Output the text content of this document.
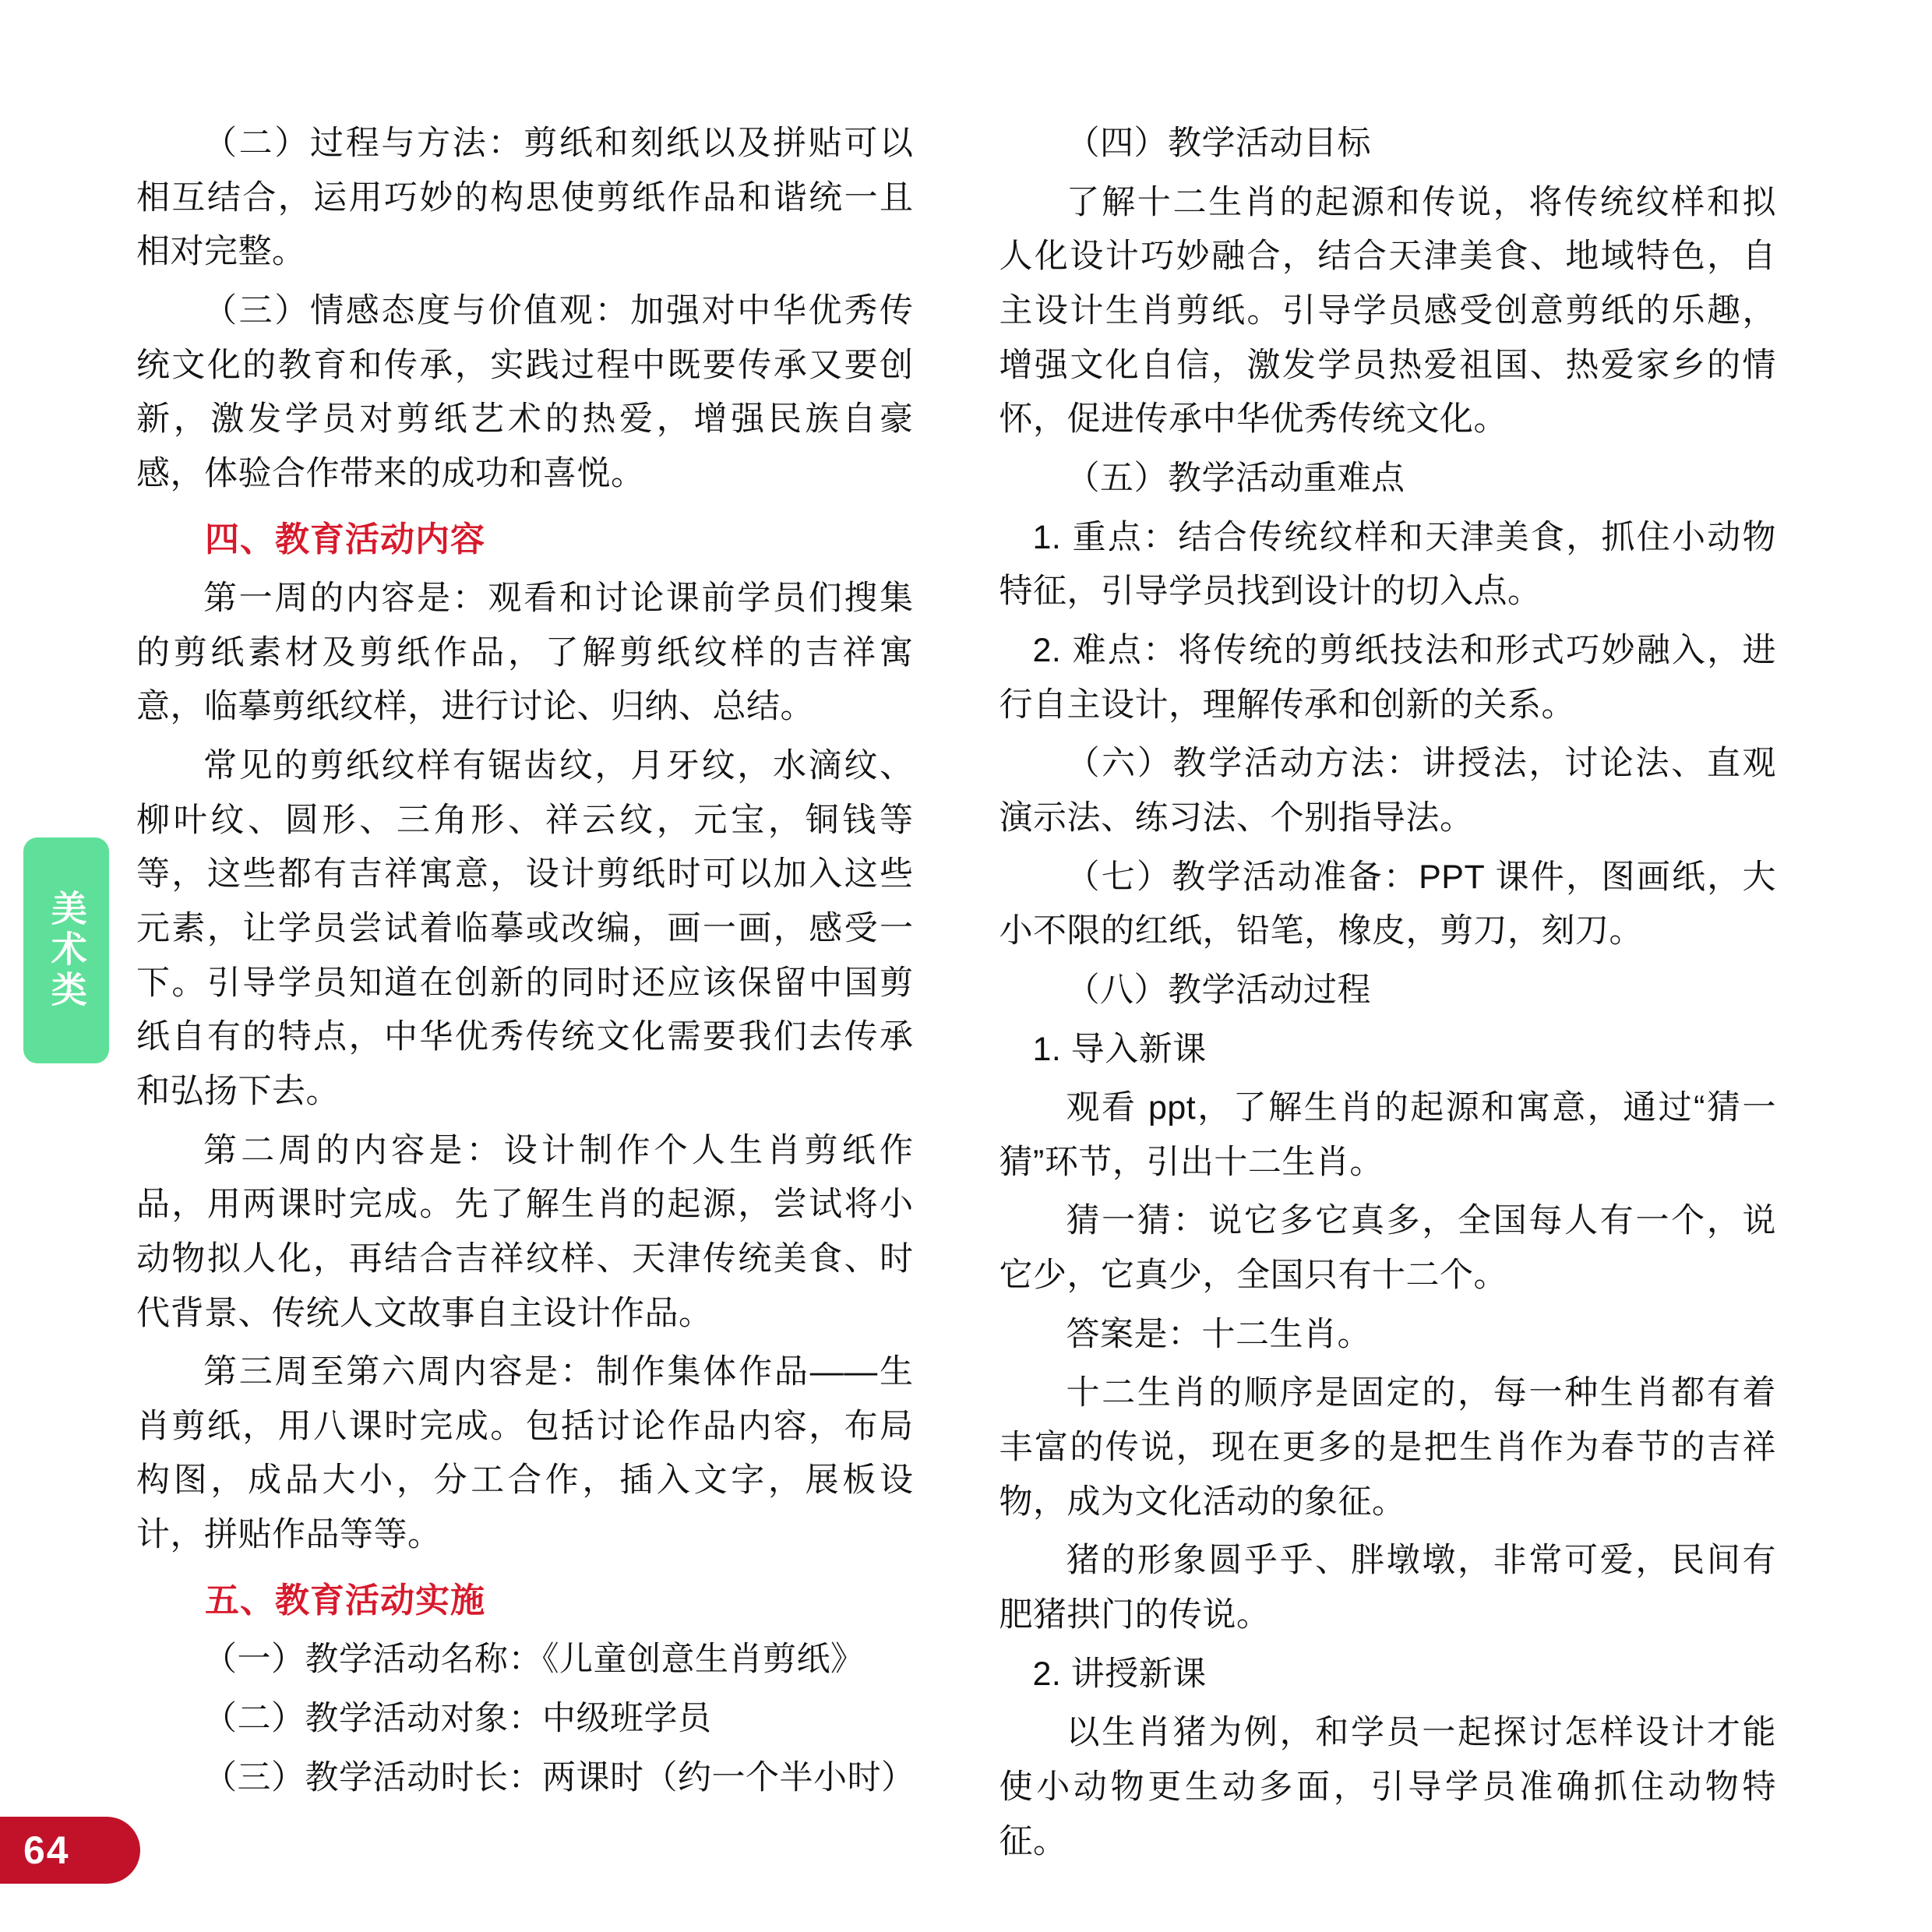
美术类

（二）过程与方法：剪纸和刻纸以及拼贴可以相互结合，运用巧妙的构思使剪纸作品和谐统一且相对完整。

（三）情感态度与价值观：加强对中华优秀传统文化的教育和传承，实践过程中既要传承又要创新，激发学员对剪纸艺术的热爱，增强民族自豪感，体验合作带来的成功和喜悦。

四、教育活动内容

第一周的内容是：观看和讨论课前学员们搜集的剪纸素材及剪纸作品，了解剪纸纹样的吉祥寓意，临摹剪纸纹样，进行讨论、归纳、总结。

常见的剪纸纹样有锯齿纹，月牙纹，水滴纹、柳叶纹、圆形、三角形、祥云纹，元宝，铜钱等等，这些都有吉祥寓意，设计剪纸时可以加入这些元素，让学员尝试着临摹或改编，画一画，感受一下。引导学员知道在创新的同时还应该保留中国剪纸自有的特点，中华优秀传统文化需要我们去传承和弘扬下去。

第二周的内容是：设计制作个人生肖剪纸作品，用两课时完成。先了解生肖的起源，尝试将小动物拟人化，再结合吉祥纹样、天津传统美食、时代背景、传统人文故事自主设计作品。

第三周至第六周内容是：制作集体作品——生肖剪纸，用八课时完成。包括讨论作品内容，布局构图，成品大小，分工合作，插入文字，展板设计，拼贴作品等等。

五、教育活动实施

（一）教学活动名称：《儿童创意生肖剪纸》

（二）教学活动对象：中级班学员

（三）教学活动时长：两课时（约一个半小时）

（四）教学活动目标

了解十二生肖的起源和传说，将传统纹样和拟人化设计巧妙融合，结合天津美食、地域特色，自主设计生肖剪纸。引导学员感受创意剪纸的乐趣，增强文化自信，激发学员热爱祖国、热爱家乡的情怀，促进传承中华优秀传统文化。

（五）教学活动重难点

1. 重点：结合传统纹样和天津美食，抓住小动物特征，引导学员找到设计的切入点。

2. 难点：将传统的剪纸技法和形式巧妙融入，进行自主设计，理解传承和创新的关系。

（六）教学活动方法：讲授法，讨论法、直观演示法、练习法、个别指导法。

（七）教学活动准备：PPT 课件，图画纸，大小不限的红纸，铅笔，橡皮，剪刀，刻刀。

（八）教学活动过程

1. 导入新课

观看 ppt，了解生肖的起源和寓意，通过“猜一猜”环节，引出十二生肖。

猜一猜：说它多它真多，全国每人有一个，说它少，它真少，全国只有十二个。

答案是：十二生肖。

十二生肖的顺序是固定的，每一种生肖都有着丰富的传说，现在更多的是把生肖作为春节的吉祥物，成为文化活动的象征。

猪的形象圆乎乎、胖墩墩，非常可爱，民间有肥猪拱门的传说。

2. 讲授新课

以生肖猪为例，和学员一起探讨怎样设计才能使小动物更生动多面，引导学员准确抓住动物特征。

64
